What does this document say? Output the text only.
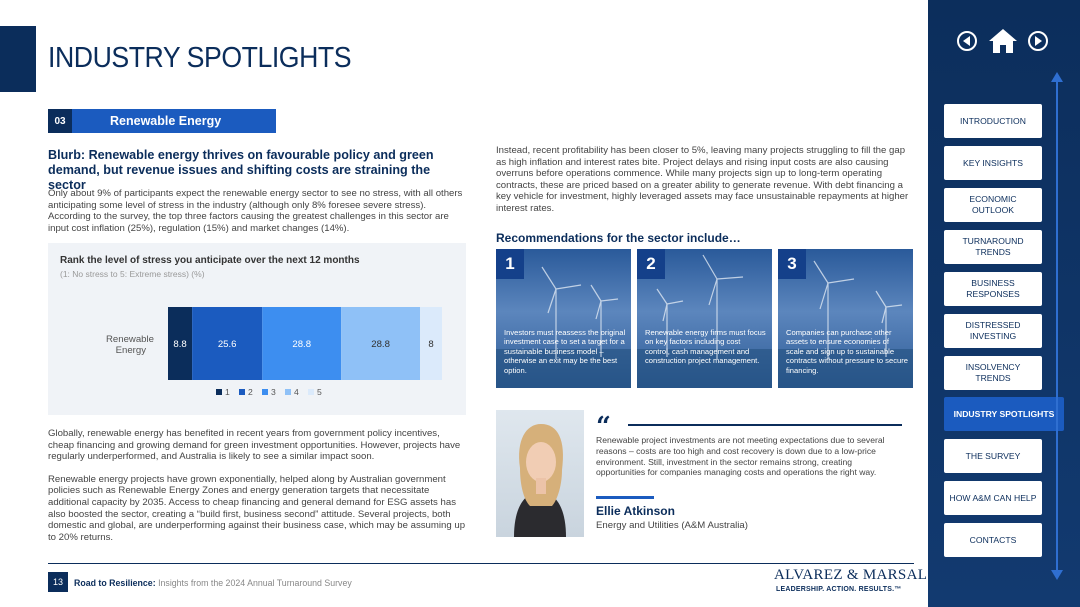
INDUSTRY SPOTLIGHTS
03	Renewable Energy
Blurb: Renewable energy thrives on favourable policy and green demand, but revenue issues and shifting costs are straining the sector
Only about 9% of participants expect the renewable energy sector to see no stress, with all others anticipating some level of stress in the industry (although only 8% foresee severe stress). According to the survey, the top three factors causing the greatest challenges in this sector are input cost inflation (25%), regulation (15%) and market changes (14%).
Renewable
Energy
8.8	25.6	28.8	28.8	8
1 2 3 4 5
Rank the level of stress you anticipate over the next 12 months
(1: No stress to 5: Extreme stress) (%)

Globally, renewable energy has benefited in recent years from government policy incentives, cheap financing and growing demand for green investment opportunities. However, projects have regularly underperformed, and Australia is likely to see a similar impact soon.

Renewable energy projects have grown exponentially, helped along by Australian government policies such as Renewable Energy Zones and energy generation targets that necessitate additional capacity by 2035. Access to cheap financing and general demand for ESG assets has also boosted the sector, creating a “build first, business second” attitude. Several projects, both domestic and global, are underperforming against their business case, which may be assuming up to 20% returns.

Instead, recent profitability has been closer to 5%, leaving many projects struggling to fill the gap as high inflation and interest rates bite. Project delays and rising input costs are also causing overruns before operations commence. While many projects sign up to long-term operating contracts, these are priced based on a greater ability to generate revenue. With debt financing a key vehicle for investment, highly leveraged assets may face unsustainable repayments at higher interest rates.
Recommendations for the sector include…
1
Investors must reassess the original investment case to set a target for a sustainable business model – otherwise an exit may be the best option.
2
Renewable energy firms must focus on key factors including cost control, cash management and construction project management.
3
Companies can purchase other assets to ensure economies of scale and sign up to sustainable contracts without pressure to secure financing.
“
Renewable project investments are not meeting expectations due to several reasons – costs are too high and cost recovery is down due to a low-price environment. Still, investment in the sector remains strong, creating opportunities for companies managing costs and operations the right way.
Ellie Atkinson
Energy and Utilities (A&M Australia)
13	Road to Resilience: Insights from the 2024 Annual Turnaround Survey	ALVAREZ & MARSAL
LEADERSHIP. ACTION. RESULTS.™
INTRODUCTION
KEY INSIGHTS
ECONOMIC OUTLOOK
TURNAROUND TRENDS
BUSINESS RESPONSES
DISTRESSED INVESTING
INSOLVENCY TRENDS
INDUSTRY SPOTLIGHTS
THE SURVEY
HOW A&M CAN HELP
CONTACTS
